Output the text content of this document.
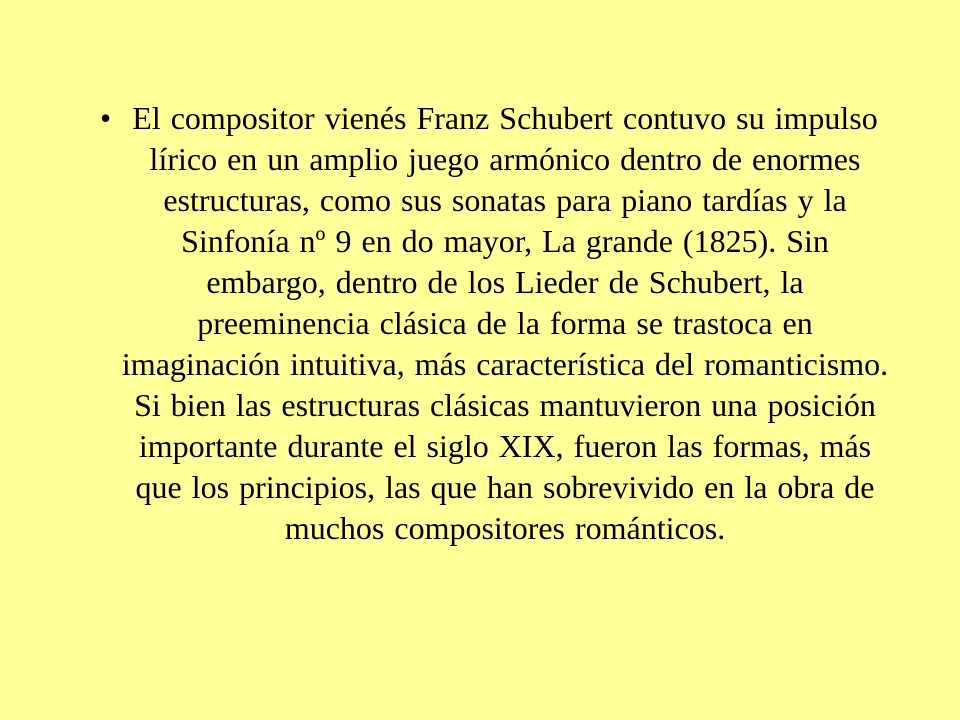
• El compositor vienés Franz Schubert contuvo su impulso lírico en un amplio juego armónico dentro de enormes estructuras, como sus sonatas para piano tardías y la Sinfonía nº 9 en do mayor, La grande (1825). Sin embargo, dentro de los Lieder de Schubert, la preeminencia clásica de la forma se trastoca en imaginación intuitiva, más característica del romanticismo. Si bien las estructuras clásicas mantuvieron una posición importante durante el siglo XIX, fueron las formas, más que los principios, las que han sobrevivido en la obra de muchos compositores románticos.
